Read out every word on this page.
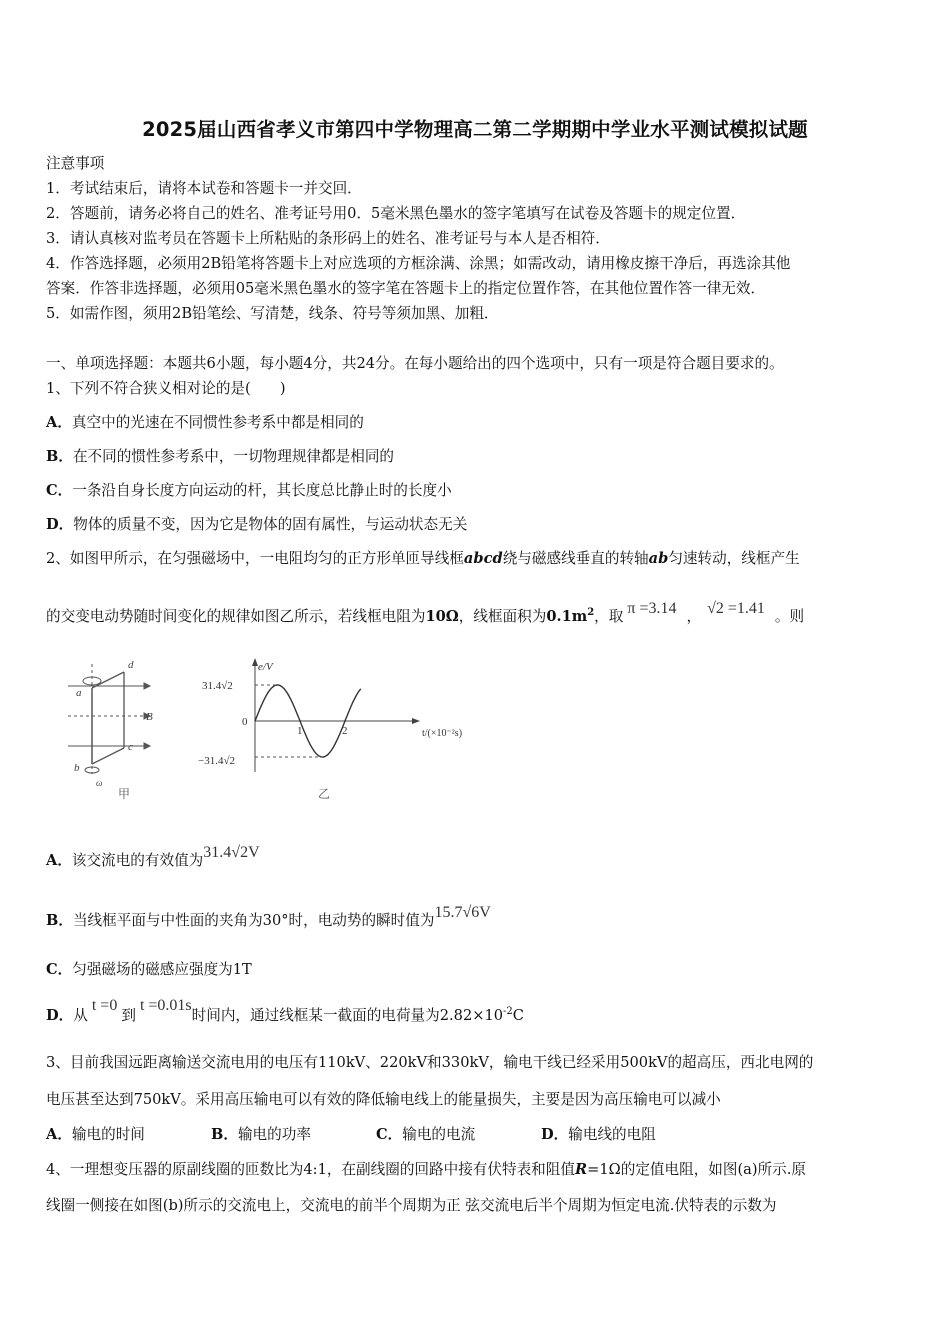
2025届山西省孝义市第四中学物理高二第二学期期中学业水平测试模拟试题
注意事项
1．考试结束后，请将本试卷和答题卡一并交回．
2．答题前，请务必将自己的姓名、准考证号用0．5毫米黑色墨水的签字笔填写在试卷及答题卡的规定位置．
3．请认真核对监考员在答题卡上所粘贴的条形码上的姓名、准考证号与本人是否相符．
4．作答选择题，必须用2B铅笔将答题卡上对应选项的方框涂满、涂黑；如需改动，请用橡皮擦干净后，再选涂其他
答案．作答非选择题，必须用05毫米黑色墨水的签字笔在答题卡上的指定位置作答，在其他位置作答一律无效．
5．如需作图，须用2B铅笔绘、写清楚，线条、符号等须加黑、加粗．
一、单项选择题：本题共6小题，每小题4分，共24分。在每小题给出的四个选项中，只有一项是符合题目要求的。
1、下列不符合狭义相对论的是(　　)
A．真空中的光速在不同惯性参考系中都是相同的
B．在不同的惯性参考系中，一切物理规律都是相同的
C．一条沿自身长度方向运动的杆，其长度总比静止时的长度小
D．物体的质量不变，因为它是物体的固有属性，与运动状态无关
2、如图甲所示，在匀强磁场中，一电阻均匀的正方形单匝导线框abcd绕与磁感线垂直的转轴ab匀速转动，线框产生
的交变电动势随时间变化的规律如图乙所示，若线框电阻为10Ω，线框面积为$0.1m^2$，取 π =3.14 ， √2 =1.41 。则
a
b
c
d
B
ω
甲
e/V
t/(×10⁻²s)
31.4√2
0
−31.4√2
1	2
乙
A．该交流电的有效值为31.4√2V
B．当线框平面与中性面的夹角为30°时，电动势的瞬时值为15.7√6V
C．匀强磁场的磁感应强度为1T
D．从t =0到t =0.01s时间内，通过线框某一截面的电荷量为$2.82\times 10^{-2}C$
3、目前我国远距离输送交流电用的电压有110kV、220kV和330kV，输电干线已经采用500kV的超高压，西北电网的
电压甚至达到750kV。采用高压输电可以有效的降低输电线上的能量损失，主要是因为高压输电可以减小
A．输电的时间	B．输电的功率	C．输电的电流	D．输电线的电阻
4、一理想变压器的原副线圈的匝数比为4:1，在副线圈的回路中接有伏特表和阻值R=1Ω的定值电阻，如图(a)所示.原
线圈一侧接在如图(b)所示的交流电上，交流电的前半个周期为正 弦交流电后半个周期为恒定电流.伏特表的示数为
